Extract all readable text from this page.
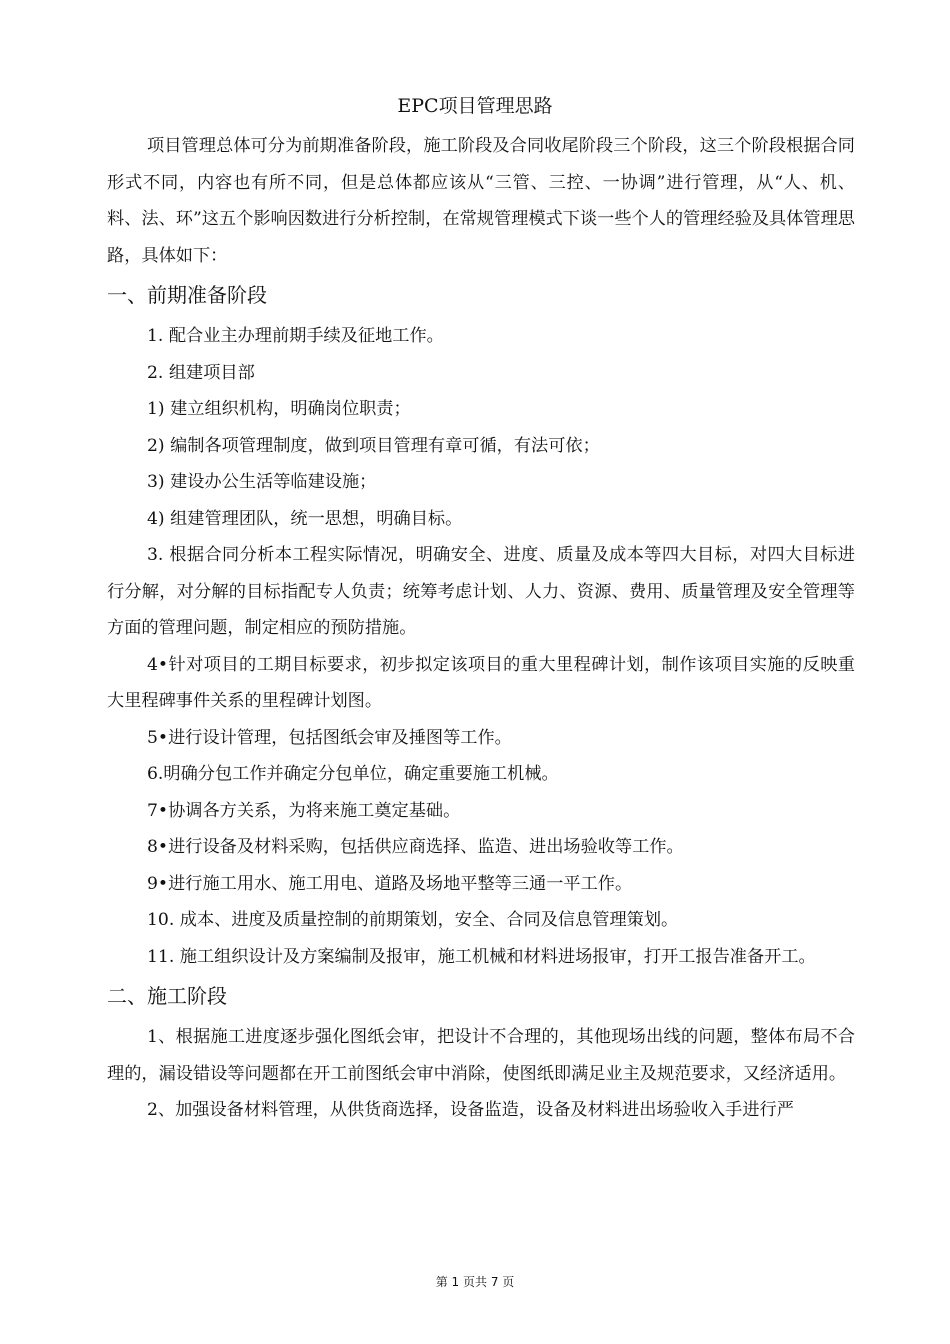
EPC项目管理思路

项目管理总体可分为前期准备阶段，施工阶段及合同收尾阶段三个阶段，这三个阶段根据合同形式不同，内容也有所不同，但是总体都应该从“三管、三控、一协调”进行管理，从“人、机、料、法、环”这五个影响因数进行分析控制，在常规管理模式下谈一些个人的管理经验及具体管理思路，具体如下：

一、前期准备阶段

1. 配合业主办理前期手续及征地工作。

2. 组建项目部

1) 建立组织机构，明确岗位职责；

2) 编制各项管理制度，做到项目管理有章可循，有法可依；

3) 建设办公生活等临建设施；

4) 组建管理团队，统一思想，明确目标。

3. 根据合同分析本工程实际情况，明确安全、进度、质量及成本等四大目标，对四大目标进行分解，对分解的目标指配专人负责；统筹考虑计划、人力、资源、费用、质量管理及安全管理等方面的管理问题，制定相应的预防措施。

4•针对项目的工期目标要求，初步拟定该项目的重大里程碑计划，制作该项目实施的反映重大里程碑事件关系的里程碑计划图。

5•进行设计管理，包括图纸会审及捶图等工作。

6.明确分包工作并确定分包单位，确定重要施工机械。

7•协调各方关系，为将来施工奠定基础。

8•进行设备及材料采购，包括供应商选择、监造、进出场验收等工作。

9•进行施工用水、施工用电、道路及场地平整等三通一平工作。

10. 成本、进度及质量控制的前期策划，安全、合同及信息管理策划。

11. 施工组织设计及方案编制及报审，施工机械和材料进场报审，打开工报告准备开工。

二、施工阶段

1、根据施工进度逐步强化图纸会审，把设计不合理的，其他现场出线的问题，整体布局不合理的，漏设错设等问题都在开工前图纸会审中消除，使图纸即满足业主及规范要求，又经济适用。

2、加强设备材料管理，从供货商选择，设备监造，设备及材料进出场验收入手进行严

第 1 页共 7 页
